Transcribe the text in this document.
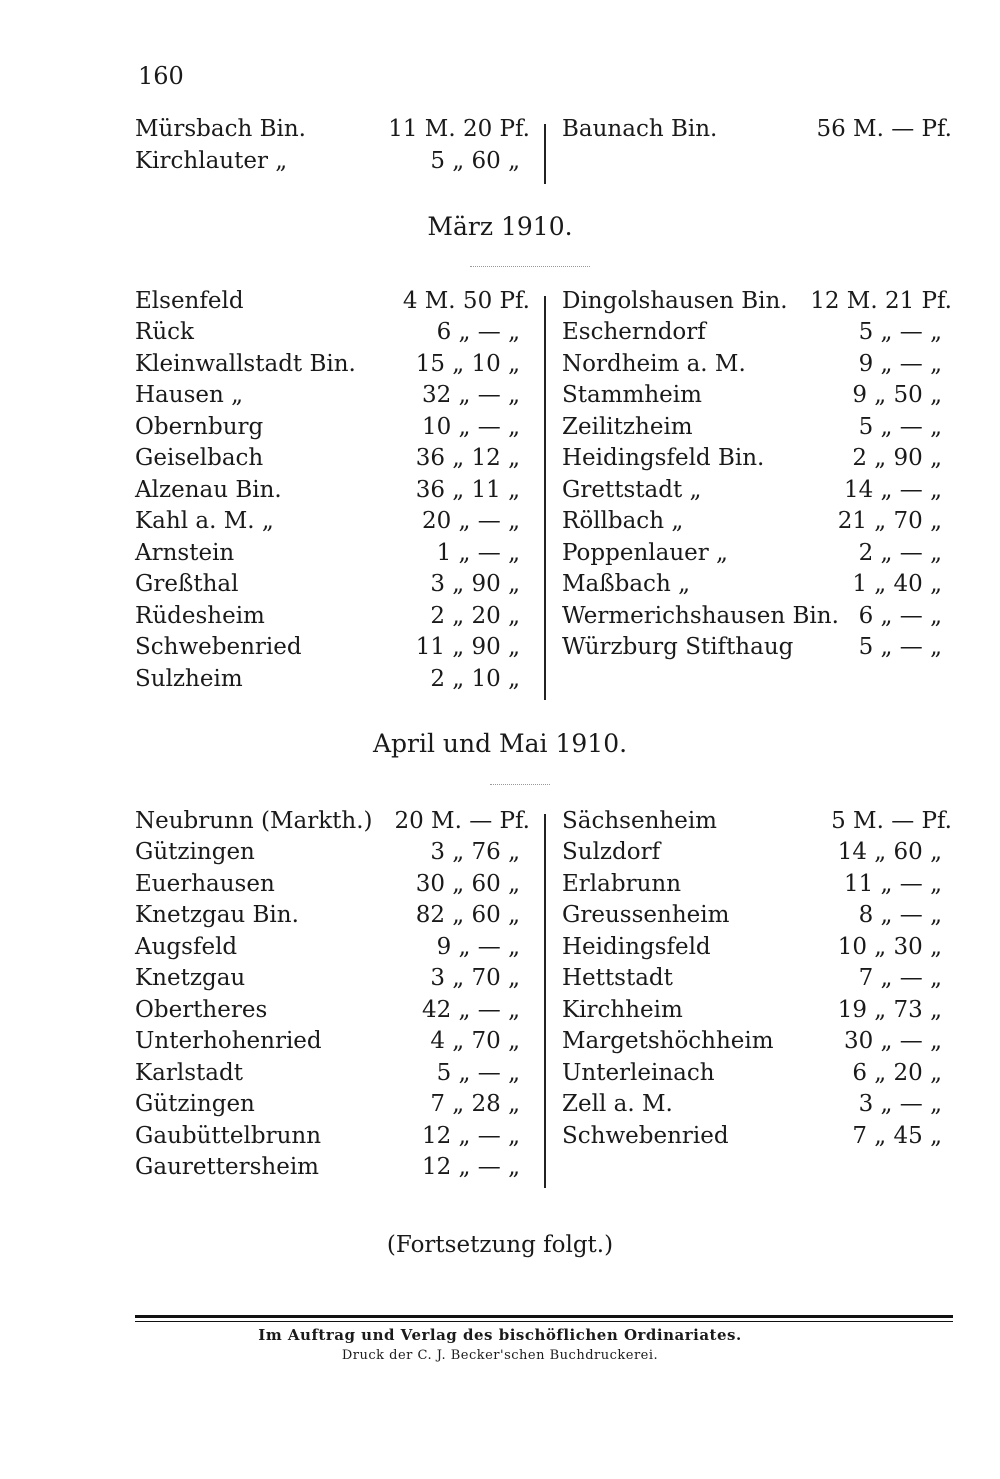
160
Mürsbach Bin.	11 M. 20 Pf.
Kirchlauter „	5 „ 60 „
Baunach Bin.	56 M. — Pf.
März 1910.
Elsenfeld	4 M. 50 Pf.
Rück	6 „ — „
Kleinwallstadt Bin.	15 „ 10 „
Hausen „	32 „ — „
Obernburg	10 „ — „
Geiselbach	36 „ 12 „
Alzenau Bin.	36 „ 11 „
Kahl a. M. „	20 „ — „
Arnstein	1 „ — „
Greßthal	3 „ 90 „
Rüdesheim	2 „ 20 „
Schwebenried	11 „ 90 „
Sulzheim	2 „ 10 „
Dingolshausen Bin. 12 M. 21 Pf.
Escherndorf	5 „ — „
Nordheim a. M.	9 „ — „
Stammheim	9 „ 50 „
Zeilitzheim	5 „ — „
Heidingsfeld Bin.	2 „ 90 „
Grettstadt „	14 „ — „
Röllbach „	21 „ 70 „
Poppenlauer „	2 „ — „
Maßbach „	1 „ 40 „
Wermerichshausen Bin. 6 „ — „
Würzburg Stifthaug	5 „ — „
April und Mai 1910.
Neubrunn (Markth.) 20 M. — Pf.
Gützingen	3 „ 76 „
Euerhausen	30 „ 60 „
Knetzgau Bin.	82 „ 60 „
Augsfeld	9 „ — „
Knetzgau	3 „ 70 „
Obertheres	42 „ — „
Unterhohenried	4 „ 70 „
Karlstadt	5 „ — „
Gützingen	7 „ 28 „
Gaubüttelbrunn	12 „ — „
Gaurettersheim	12 „ — „
Sächsenheim	5 M. — Pf.
Sulzdorf	14 „ 60 „
Erlabrunn	11 „ — „
Greussenheim	8 „ — „
Heidingsfeld	10 „ 30 „
Hettstadt	7 „ — „
Kirchheim	19 „ 73 „
Margetshöchheim	30 „ — „
Unterleinach	6 „ 20 „
Zell a. M.	3 „ — „
Schwebenried	7 „ 45 „
(Fortsetzung folgt.)
Im Auftrag und Verlag des bischöflichen Ordinariates.
Druck der C. J. Becker'schen Buchdruckerei.
